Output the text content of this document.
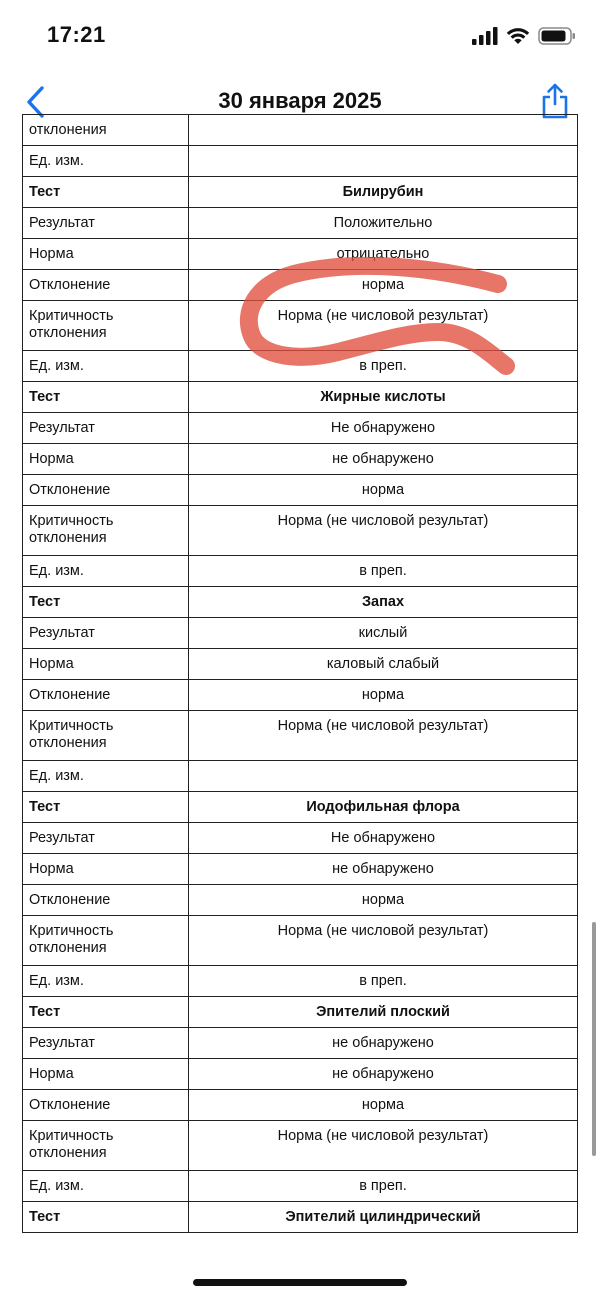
17:21
30 января 2025
отклонения	
Ед. изм.	
Тест	Билирубин
Результат	Положительно
Норма	отрицательно
Отклонение	норма
Критичность отклонения	Норма (не числовой результат)
Ед. изм.	в преп.
Тест	Жирные кислоты
Результат	Не обнаружено
Норма	не обнаружено
Отклонение	норма
Критичность отклонения	Норма (не числовой результат)
Ед. изм.	в преп.
Тест	Запах
Результат	кислый
Норма	каловый слабый
Отклонение	норма
Критичность отклонения	Норма (не числовой результат)
Ед. изм.	
Тест	Иодофильная флора
Результат	Не обнаружено
Норма	не обнаружено
Отклонение	норма
Критичность отклонения	Норма (не числовой результат)
Ед. изм.	в преп.
Тест	Эпителий плоский
Результат	не обнаружено
Норма	не обнаружено
Отклонение	норма
Критичность отклонения	Норма (не числовой результат)
Ед. изм.	в преп.
Тест	Эпителий цилиндрический
